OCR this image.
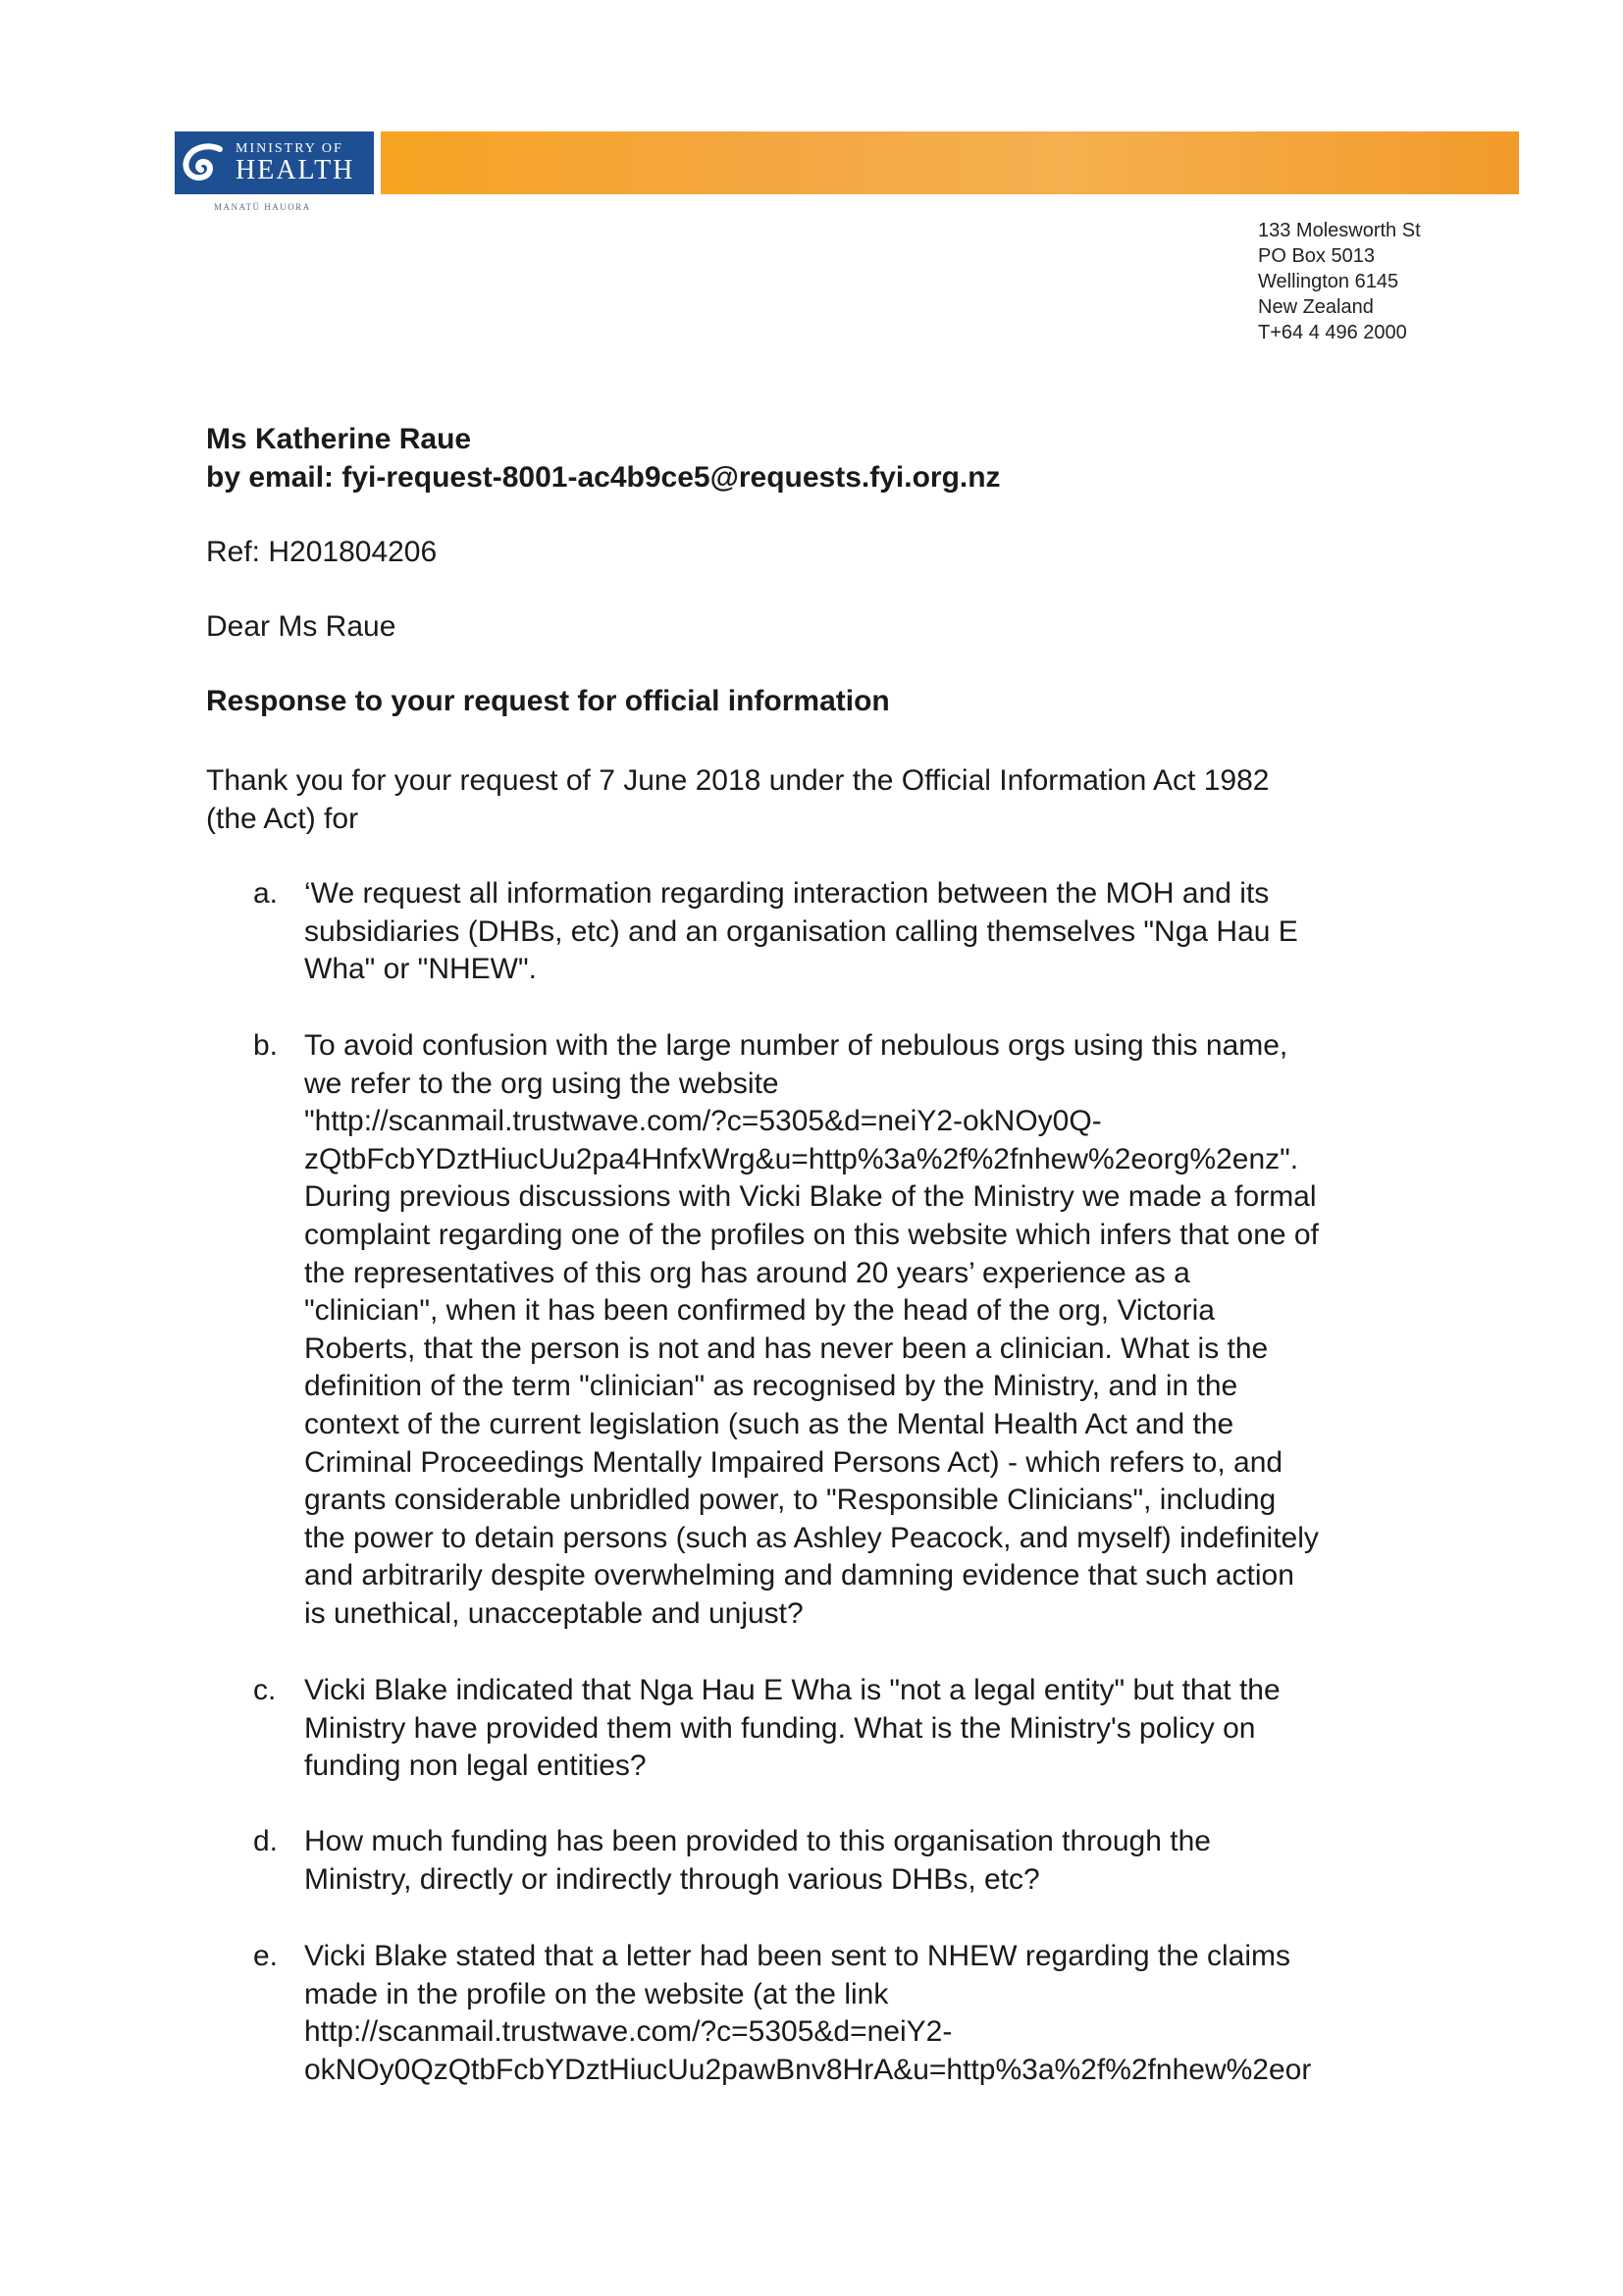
MINISTRY OF
HEALTH
MANATŪ HAUORA
133 Molesworth St
PO Box 5013
Wellington 6145
New Zealand
T+64 4 496 2000
Ms Katherine Raue
by email: fyi-request-8001-ac4b9ce5@requests.fyi.org.nz
Ref: H201804206
Dear Ms Raue
Response to your request for official information
Thank you for your request of 7 June 2018 under the Official Information Act 1982
(the Act) for
a. ‘We request all information regarding interaction between the MOH and its
subsidiaries (DHBs, etc) and an organisation calling themselves "Nga Hau E
Wha" or "NHEW".
b. To avoid confusion with the large number of nebulous orgs using this name,
we refer to the org using the website
"http://scanmail.trustwave.com/?c=5305&d=neiY2-okNOy0Q-
zQtbFcbYDztHiucUu2pa4HnfxWrg&u=http%3a%2f%2fnhew%2eorg%2enz".
During previous discussions with Vicki Blake of the Ministry we made a formal
complaint regarding one of the profiles on this website which infers that one of
the representatives of this org has around 20 years’ experience as a
"clinician", when it has been confirmed by the head of the org, Victoria
Roberts, that the person is not and has never been a clinician. What is the
definition of the term "clinician" as recognised by the Ministry, and in the
context of the current legislation (such as the Mental Health Act and the
Criminal Proceedings Mentally Impaired Persons Act) - which refers to, and
grants considerable unbridled power, to "Responsible Clinicians", including
the power to detain persons (such as Ashley Peacock, and myself) indefinitely
and arbitrarily despite overwhelming and damning evidence that such action
is unethical, unacceptable and unjust?
c. Vicki Blake indicated that Nga Hau E Wha is "not a legal entity" but that the
Ministry have provided them with funding. What is the Ministry's policy on
funding non legal entities?
d. How much funding has been provided to this organisation through the
Ministry, directly or indirectly through various DHBs, etc?
e. Vicki Blake stated that a letter had been sent to NHEW regarding the claims
made in the profile on the website (at the link
http://scanmail.trustwave.com/?c=5305&d=neiY2-
okNOy0QzQtbFcbYDztHiucUu2pawBnv8HrA&u=http%3a%2f%2fnhew%2eor
